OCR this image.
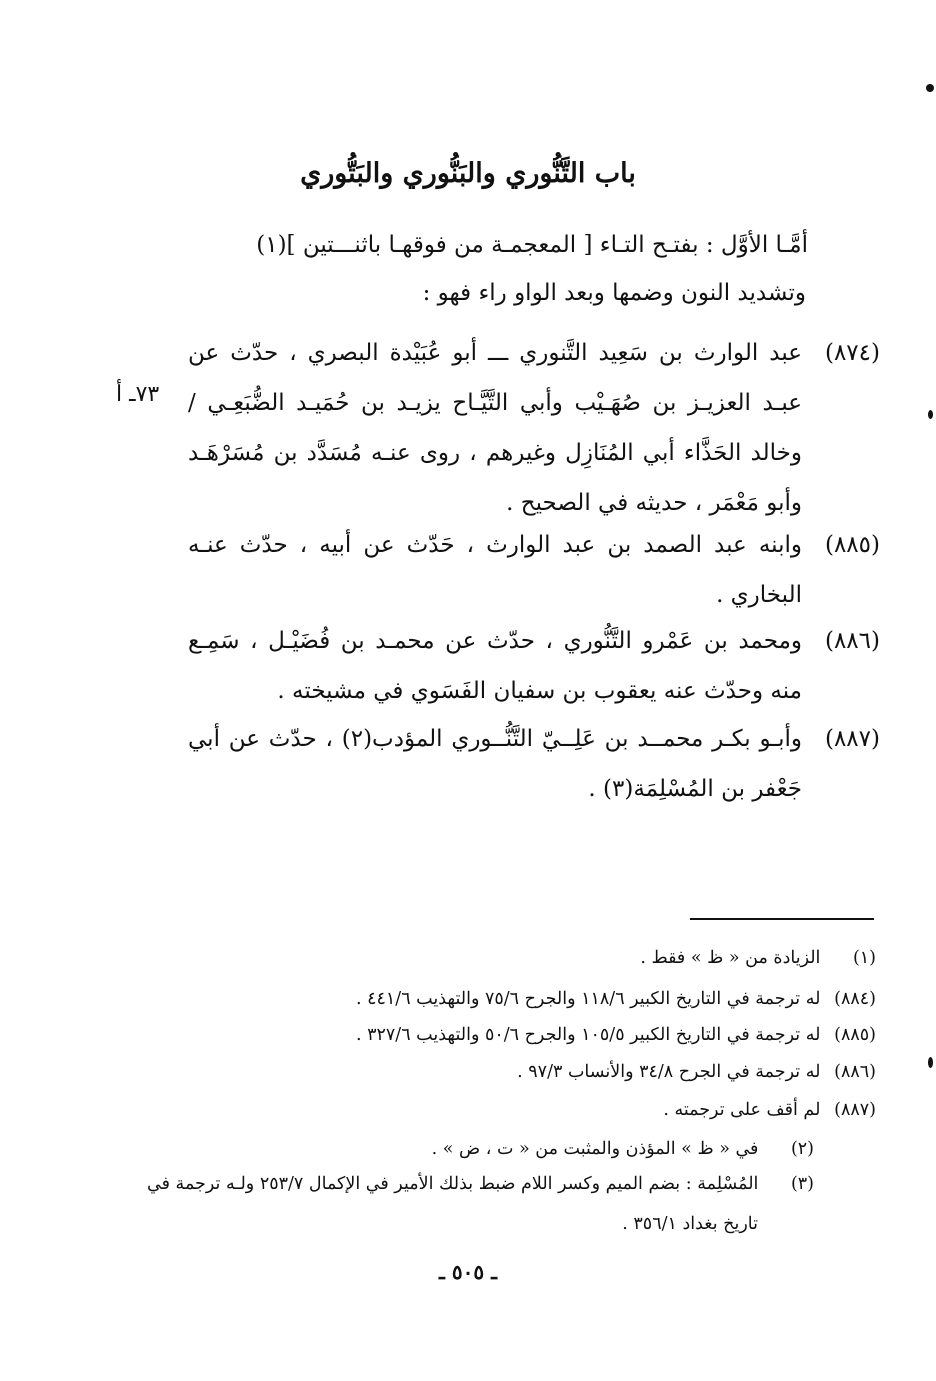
باب التَّنُّوري والبَنُّوري والبَتُّوري
أمَّـا الأوَّل : بفتـح التـاء [ المعجمـة من فوقهـا باثنـــتين ](١)
وتشديد النون وضمها وبعد الواو راء فهو :
(٨٧٤)
عبد الوارث بن سَعِيد التَّنوري ـــ أبو عُبَيْدة البصري ، حدّث عن عبـد العزيـز بن صُهَـيْب وأبي التَّيَّـاح يزيـد بن حُمَيـد الضُّبَعِـي / وخالد الحَذَّاء أبي المُنَازِل وغيرهم ، روى عنـه مُسَدَّد بن مُسَرْهَـد وأبو مَعْمَر ، حديثه في الصحيح .
٧٣ـ أ
(٨٨٥)
وابنه عبد الصمد بن عبد الوارث ، حَدّث عن أبيه ، حدّث عنـه البخاري .
(٨٨٦)
ومحمد بن عَمْرو التَّنُّوري ، حدّث عن محمـد بن فُضَيْـل ، سَمِـع منه وحدّث عنه يعقوب بن سفيان الفَسَوي في مشيخته .
(٨٨٧)
وأبـو بكـر محمــد بن عَلِــيّ التَّنُّــوري المؤدب(٢) ، حدّث عن أبي جَعْفر بن المُسْلِمَة(٣) .
(١) الزيادة من « ظ » فقط .
(٨٨٤) له ترجمة في التاريخ الكبير ١١٨/٦ والجرح ٧٥/٦ والتهذيب ٤٤١/٦ .
(٨٨٥) له ترجمة في التاريخ الكبير ١٠٥/٥ والجرح ٥٠/٦ والتهذيب ٣٢٧/٦ .
(٨٨٦) له ترجمة في الجرح ٣٤/٨ والأنساب ٩٧/٣ .
(٨٨٧) لم أقف على ترجمته .
(٢) في « ظ » المؤذن والمثبت من « ت ، ض » .
(٣) المُسْلِمة : بضم الميم وكسر اللام ضبط بذلك الأمير في الإكمال ٢٥٣/٧ ولـه ترجمة في
تاريخ بغداد ٣٥٦/١ .
ـ ٥٠٥ ـ
